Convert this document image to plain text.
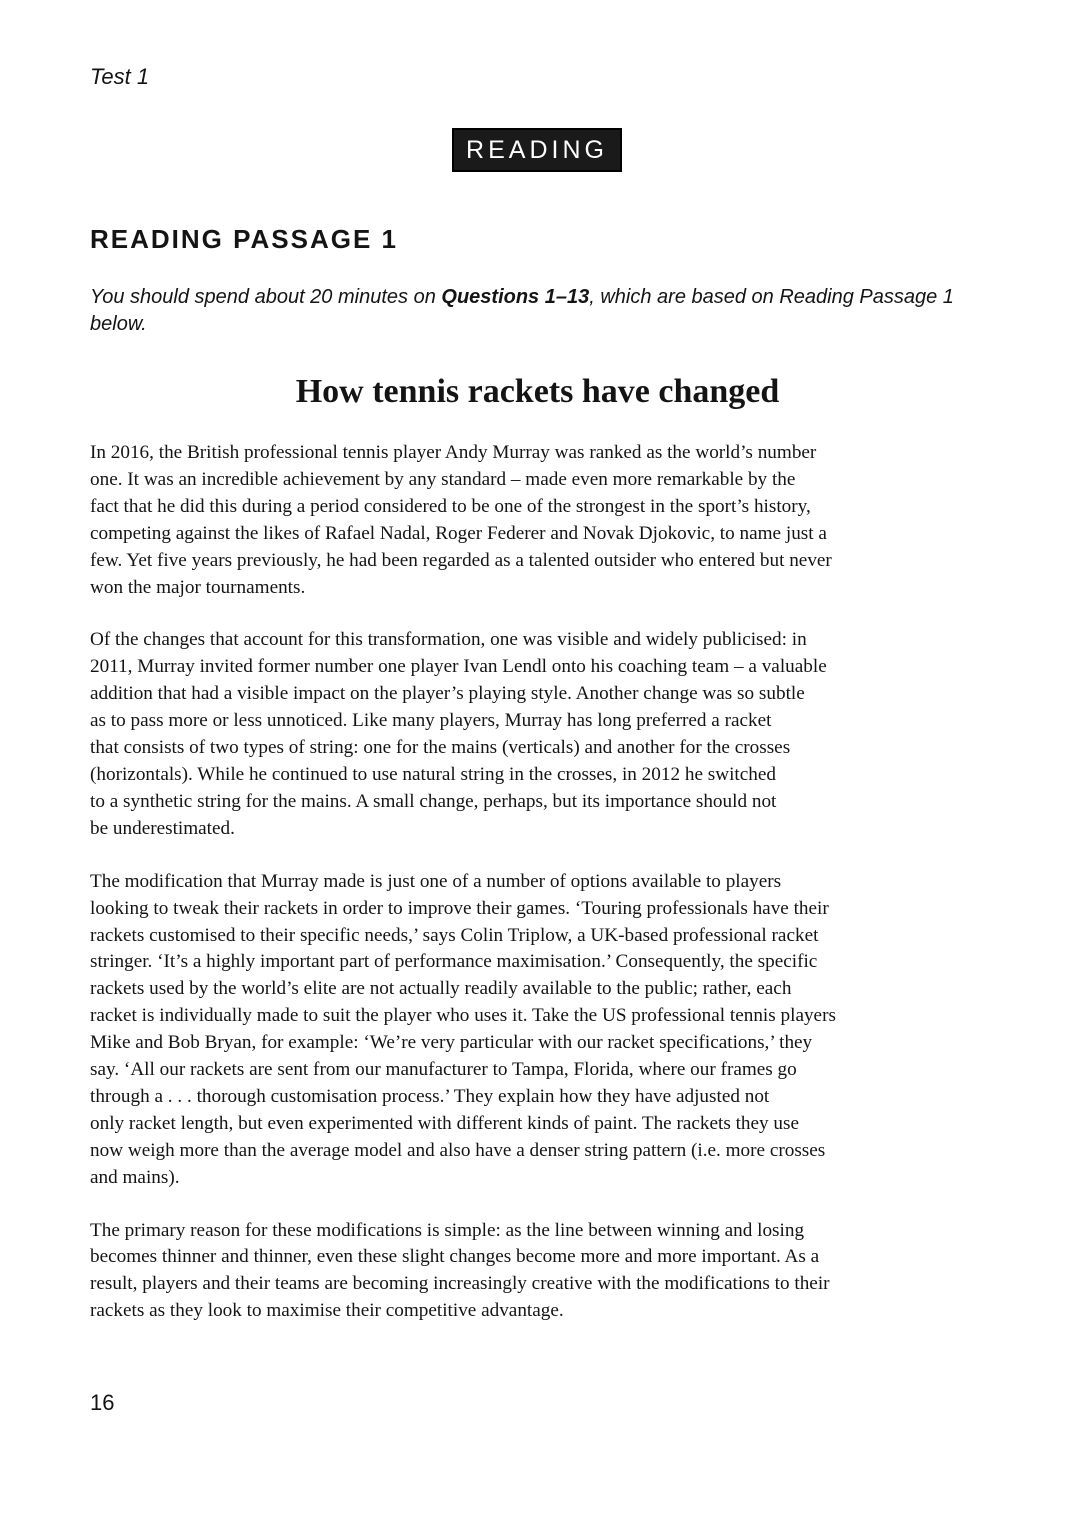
Test 1
READING
READING PASSAGE 1

You should spend about 20 minutes on Questions 1–13, which are based on Reading Passage 1 below.

How tennis rackets have changed

In 2016, the British professional tennis player Andy Murray was ranked as the world’s number
one. It was an incredible achievement by any standard – made even more remarkable by the
fact that he did this during a period considered to be one of the strongest in the sport’s history,
competing against the likes of Rafael Nadal, Roger Federer and Novak Djokovic, to name just a
few. Yet five years previously, he had been regarded as a talented outsider who entered but never
won the major tournaments.

Of the changes that account for this transformation, one was visible and widely publicised: in
2011, Murray invited former number one player Ivan Lendl onto his coaching team – a valuable
addition that had a visible impact on the player’s playing style. Another change was so subtle
as to pass more or less unnoticed. Like many players, Murray has long preferred a racket
that consists of two types of string: one for the mains (verticals) and another for the crosses
(horizontals). While he continued to use natural string in the crosses, in 2012 he switched
to a synthetic string for the mains. A small change, perhaps, but its importance should not
be underestimated.

The modification that Murray made is just one of a number of options available to players
looking to tweak their rackets in order to improve their games. ‘Touring professionals have their
rackets customised to their specific needs,’ says Colin Triplow, a UK-based professional racket
stringer. ‘It’s a highly important part of performance maximisation.’ Consequently, the specific
rackets used by the world’s elite are not actually readily available to the public; rather, each
racket is individually made to suit the player who uses it. Take the US professional tennis players
Mike and Bob Bryan, for example: ‘We’re very particular with our racket specifications,’ they
say. ‘All our rackets are sent from our manufacturer to Tampa, Florida, where our frames go
through a . . . thorough customisation process.’ They explain how they have adjusted not
only racket length, but even experimented with different kinds of paint. The rackets they use
now weigh more than the average model and also have a denser string pattern (i.e. more crosses
and mains).

The primary reason for these modifications is simple: as the line between winning and losing
becomes thinner and thinner, even these slight changes become more and more important. As a
result, players and their teams are becoming increasingly creative with the modifications to their
rackets as they look to maximise their competitive advantage.

16
